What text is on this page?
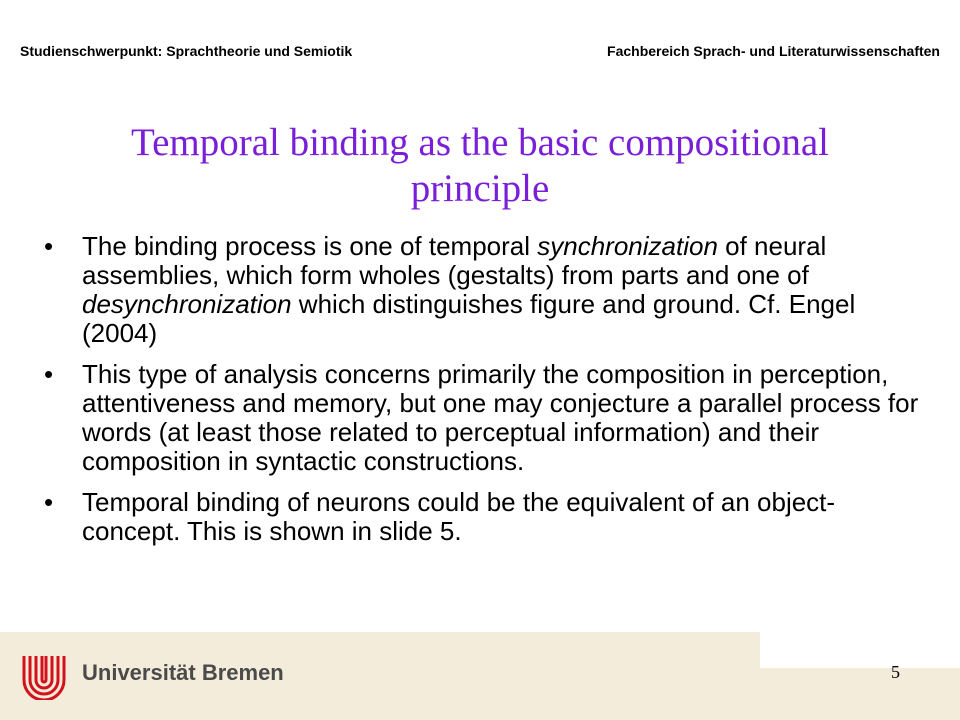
Studienschwerpunkt: Sprachtheorie und Semiotik	Fachbereich Sprach- und Literaturwissenschaften
Temporal binding as the basic compositional
principle
• The binding process is one of temporal synchronization of neural assemblies, which form wholes (gestalts) from parts and one of desynchronization which distinguishes figure and ground. Cf. Engel (2004)
• This type of analysis concerns primarily the composition in perception, attentiveness and memory, but one may conjecture a parallel process for words (at least those related to perceptual information) and their composition in syntactic constructions.
• Temporal binding of neurons could be the equivalent of an object-concept. This is shown in slide 5.
Universität Bremen	5
